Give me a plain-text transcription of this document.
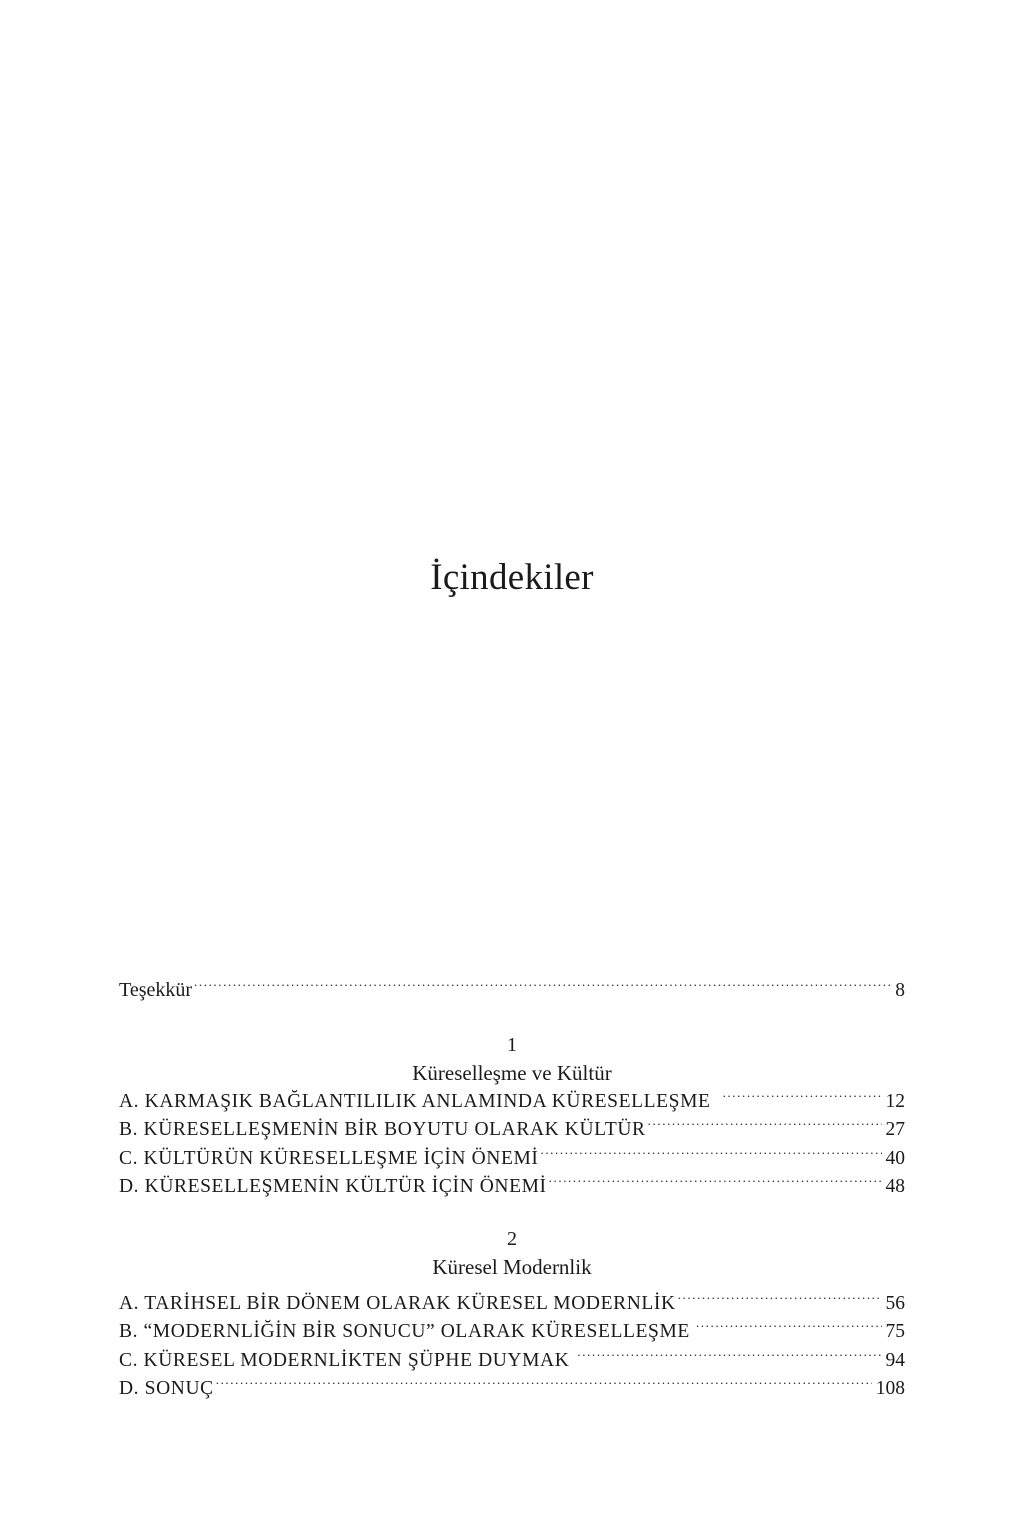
İçindekiler
Teşekkür .....	8
1
Küreselleşme ve Kültür
A. KARMAŞIK BAĞLANTILILIK ANLAMINDA KÜRESELLEŞME .....	12
B. KÜRESELLEŞMENİN BİR BOYUTU OLARAK KÜLTÜR .....	27
C. KÜLTÜRÜN KÜRESELLEŞME İÇİN ÖNEMİ .....	40
D. KÜRESELLEŞMENİN KÜLTÜR İÇİN ÖNEMİ .....	48
2
Küresel Modernlik
A. TARİHSEL BİR DÖNEM OLARAK KÜRESEL MODERNLİK .....	56
B. “MODERNLİĞİN BİR SONUCU” OLARAK KÜRESELLEŞME .....	75
C. KÜRESEL MODERNLİKTEN ŞÜPHE DUYMAK .....	94
D. SONUÇ .....	108
